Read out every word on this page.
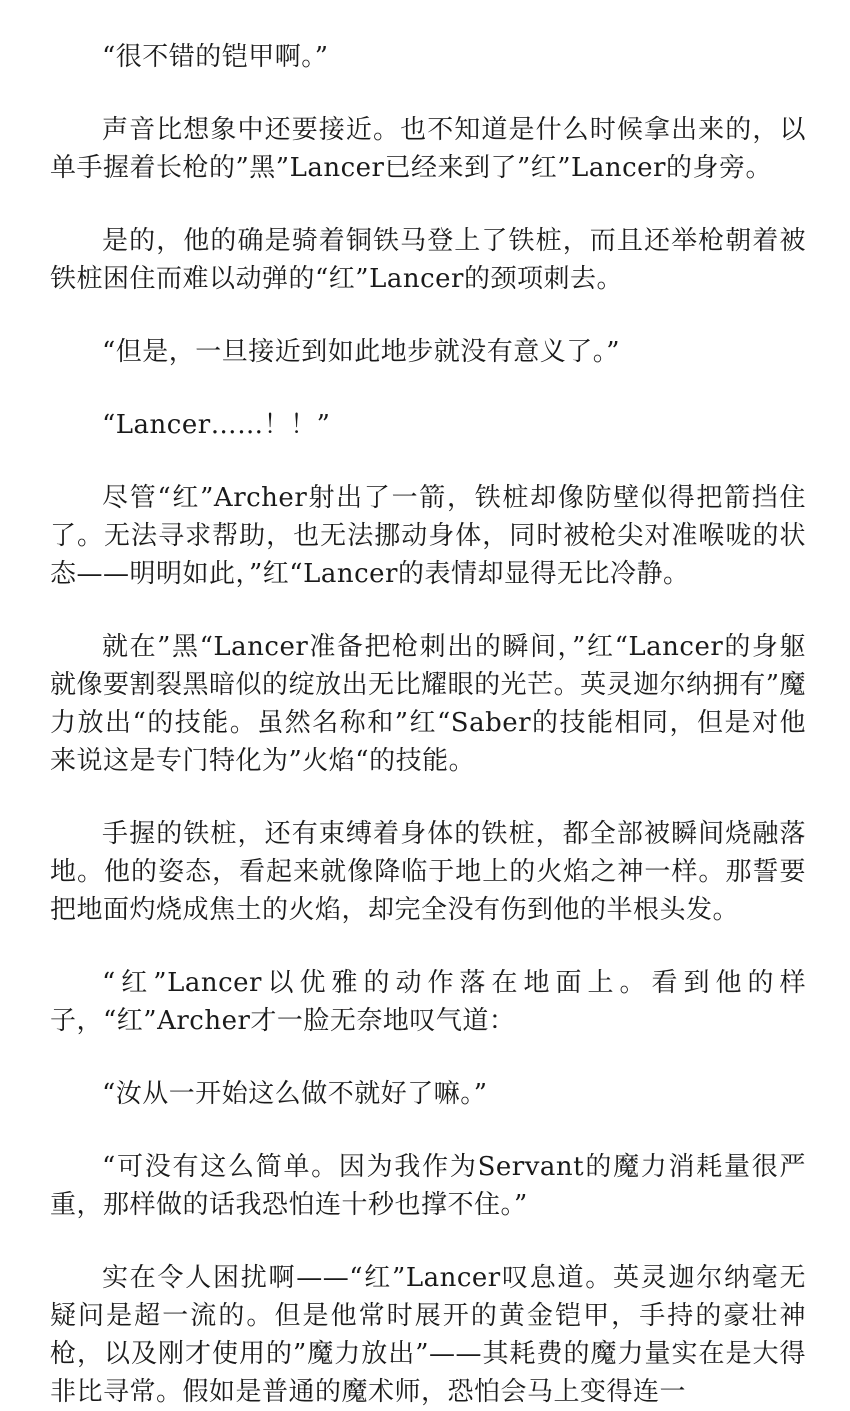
“很不错的铠甲啊。”

声音比想象中还要接近。也不知道是什么时候拿出来的，以单手握着长枪的”黑”Lancer已经来到了”红”Lancer的身旁。

是的，他的确是骑着铜铁马登上了铁桩，而且还举枪朝着被铁桩困住而难以动弹的“红”Lancer的颈项刺去。

“但是，一旦接近到如此地步就没有意义了。”

“Lancer……！！”

尽管“红”Archer射出了一箭，铁桩却像防壁似得把箭挡住了。无法寻求帮助，也无法挪动身体，同时被枪尖对准喉咙的状态——明明如此，”红“Lancer的表情却显得无比冷静。

就在”黑“Lancer准备把枪刺出的瞬间，”红“Lancer的身躯就像要割裂黑暗似的绽放出无比耀眼的光芒。英灵迦尔纳拥有”魔力放出“的技能。虽然名称和”红“Saber的技能相同，但是对他来说这是专门特化为”火焰“的技能。

手握的铁桩，还有束缚着身体的铁桩，都全部被瞬间烧融落地。他的姿态，看起来就像降临于地上的火焰之神一样。那誓要把地面灼烧成焦土的火焰，却完全没有伤到他的半根头发。

“红”Lancer以优雅的动作落在地面上。看到他的样子，“红”Archer才一脸无奈地叹气道：

“汝从一开始这么做不就好了嘛。”

“可没有这么简单。因为我作为Servant的魔力消耗量很严重，那样做的话我恐怕连十秒也撑不住。”

实在令人困扰啊——“红”Lancer叹息道。英灵迦尔纳毫无疑问是超一流的。但是他常时展开的黄金铠甲，手持的豪壮神枪，以及刚才使用的”魔力放出”——其耗费的魔力量实在是大得非比寻常。假如是普通的魔术师，恐怕会马上变得连一
